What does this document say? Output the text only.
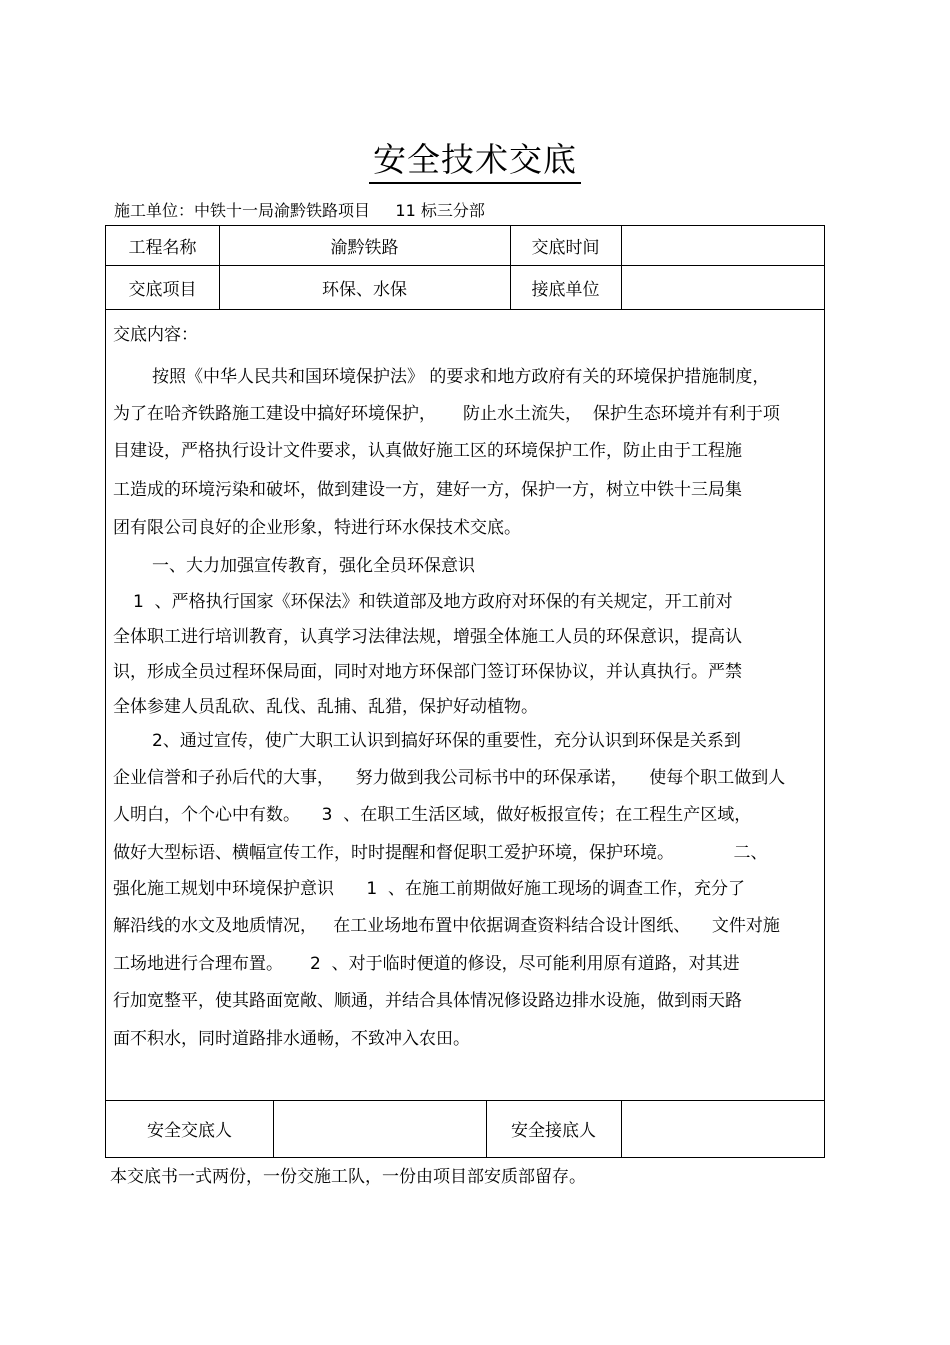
安全技术交底
施工单位：中铁十一局渝黔铁路项目     11 标三分部
工程名称	渝黔铁路	交底时间
交底项目	环保、水保	接底单位
安全交底人	安全接底人
交底内容：
按照《中华人民共和国环境保护法》 的要求和地方政府有关的环境保护措施制度，
为了在哈齐铁路施工建设中搞好环境保护，     防止水土流失，  保护生态环境并有利于项
目建设，严格执行设计文件要求，认真做好施工区的环境保护工作，防止由于工程施
工造成的环境污染和破坏，做到建设一方，建好一方，保护一方，树立中铁十三局集
团有限公司良好的企业形象，特进行环水保技术交底。
一、大力加强宣传教育，强化全员环保意识
1  、严格执行国家《环保法》和铁道部及地方政府对环保的有关规定，开工前对
全体职工进行培训教育，认真学习法律法规，增强全体施工人员的环保意识，提高认
识，形成全员过程环保局面，同时对地方环保部门签订环保协议，并认真执行。严禁
全体参建人员乱砍、乱伐、乱捕、乱猎，保护好动植物。
2、通过宣传，使广大职工认识到搞好环保的重要性，充分认识到环保是关系到
企业信誉和子孙后代的大事，    努力做到我公司标书中的环保承诺，    使每个职工做到人
人明白，个个心中有数。    3  、在职工生活区域，做好板报宣传；在工程生产区域，
做好大型标语、横幅宣传工作，时时提醒和督促职工爱护环境，保护环境。           二、
强化施工规划中环境保护意识      1  、在施工前期做好施工现场的调查工作，充分了
解沿线的水文及地质情况，   在工业场地布置中依据调查资料结合设计图纸、    文件对施
工场地进行合理布置。     2  、对于临时便道的修设，尽可能利用原有道路，对其进
行加宽整平，使其路面宽敞、顺通，并结合具体情况修设路边排水设施，做到雨天路
面不积水，同时道路排水通畅，不致冲入农田。
本交底书一式两份，一份交施工队，一份由项目部安质部留存。
